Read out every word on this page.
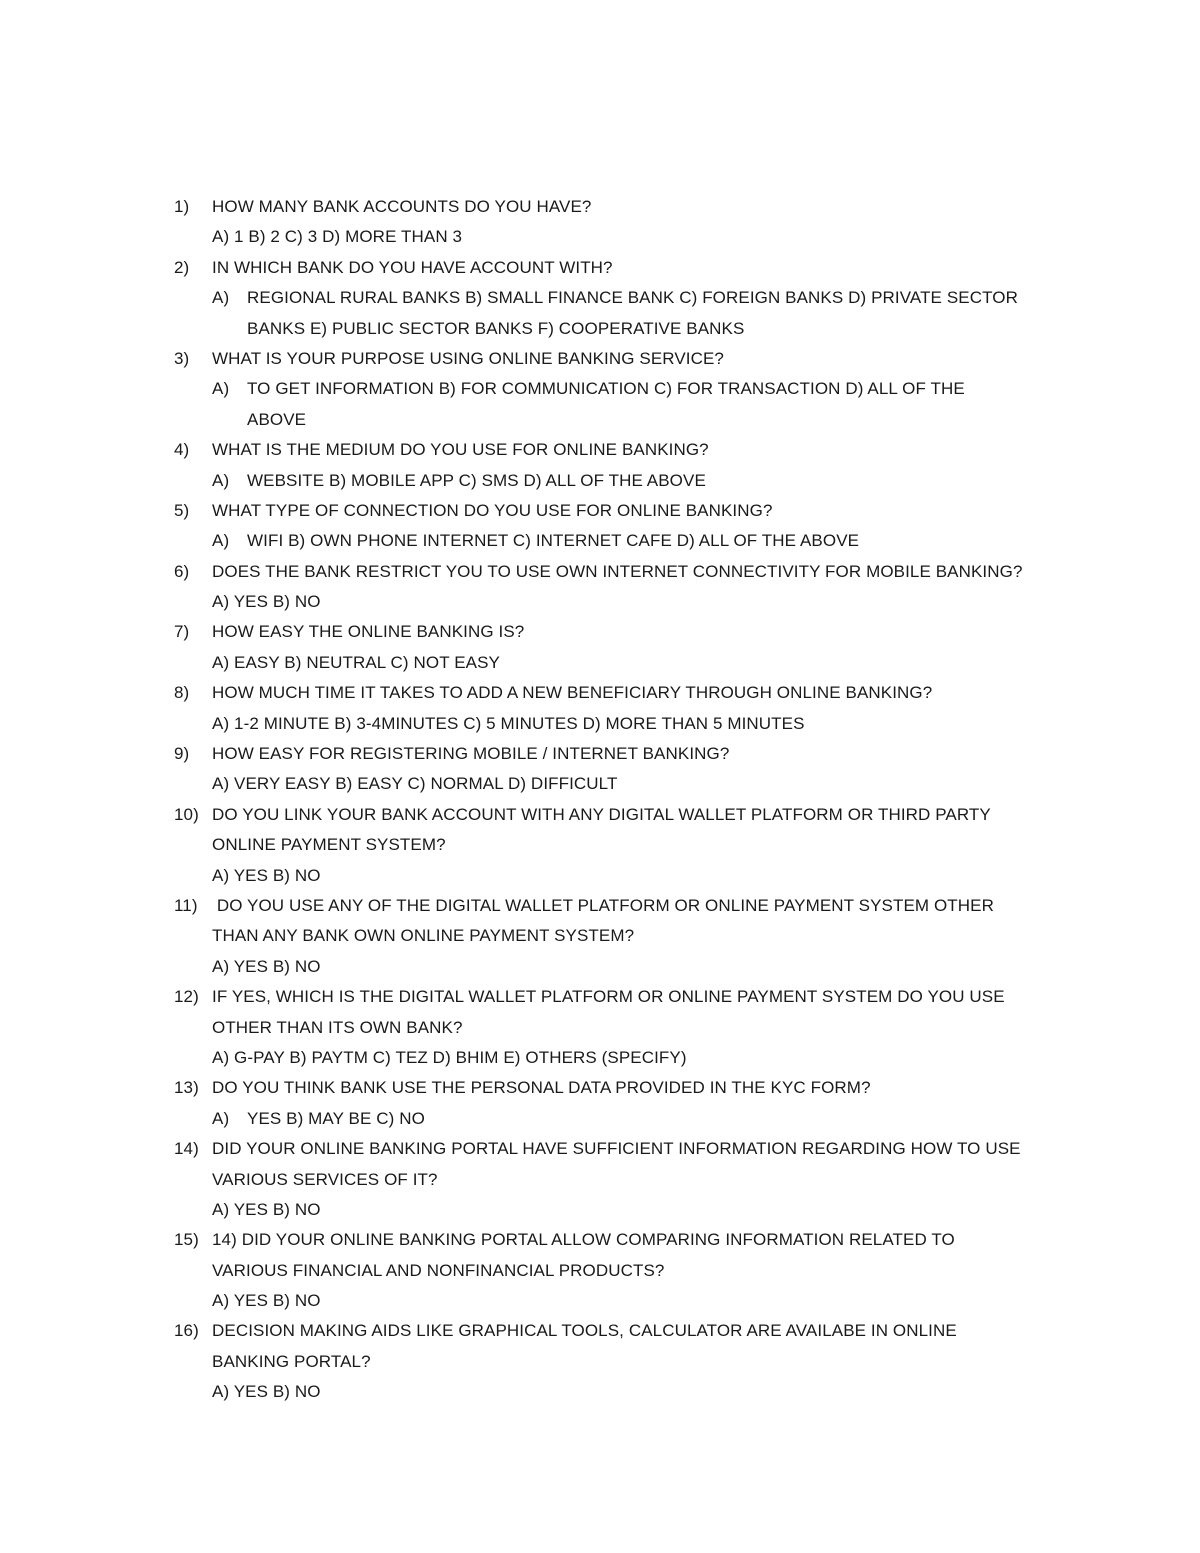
1) HOW MANY BANK ACCOUNTS DO YOU HAVE?
A) 1 B) 2 C) 3 D) MORE THAN 3
2) IN WHICH BANK DO YOU HAVE ACCOUNT WITH?
A) REGIONAL RURAL BANKS B) SMALL FINANCE BANK C) FOREIGN BANKS D) PRIVATE SECTOR
BANKS E) PUBLIC SECTOR BANKS F) COOPERATIVE BANKS
3) WHAT IS YOUR PURPOSE USING ONLINE BANKING SERVICE?
A) TO GET INFORMATION B) FOR COMMUNICATION C) FOR TRANSACTION D) ALL OF THE
ABOVE
4) WHAT IS THE MEDIUM DO YOU USE FOR ONLINE BANKING?
A) WEBSITE B) MOBILE APP C) SMS D) ALL OF THE ABOVE
5) WHAT TYPE OF CONNECTION DO YOU USE FOR ONLINE BANKING?
A) WIFI B) OWN PHONE INTERNET C) INTERNET CAFE D) ALL OF THE ABOVE
6) DOES THE BANK RESTRICT YOU TO USE OWN INTERNET CONNECTIVITY FOR MOBILE BANKING?
A) YES B) NO
7) HOW EASY THE ONLINE BANKING IS?
A) EASY B) NEUTRAL C) NOT EASY
8) HOW MUCH TIME IT TAKES TO ADD A NEW BENEFICIARY THROUGH ONLINE BANKING?
A) 1-2 MINUTE B) 3-4MINUTES C) 5 MINUTES D) MORE THAN 5 MINUTES
9) HOW EASY FOR REGISTERING MOBILE / INTERNET BANKING?
A) VERY EASY B) EASY C) NORMAL D) DIFFICULT
10) DO YOU LINK YOUR BANK ACCOUNT WITH ANY DIGITAL WALLET PLATFORM OR THIRD PARTY
ONLINE PAYMENT SYSTEM?
A) YES B) NO
11) DO YOU USE ANY OF THE DIGITAL WALLET PLATFORM OR ONLINE PAYMENT SYSTEM OTHER
THAN ANY BANK OWN ONLINE PAYMENT SYSTEM?
A) YES B) NO
12) IF YES, WHICH IS THE DIGITAL WALLET PLATFORM OR ONLINE PAYMENT SYSTEM DO YOU USE
OTHER THAN ITS OWN BANK?
A) G-PAY B) PAYTM C) TEZ D) BHIM E) OTHERS (SPECIFY)
13) DO YOU THINK BANK USE THE PERSONAL DATA PROVIDED IN THE KYC FORM?
A) YES B) MAY BE C) NO
14) DID YOUR ONLINE BANKING PORTAL HAVE SUFFICIENT INFORMATION REGARDING HOW TO USE
VARIOUS SERVICES OF IT?
A) YES B) NO
15) 14) DID YOUR ONLINE BANKING PORTAL ALLOW COMPARING INFORMATION RELATED TO
VARIOUS FINANCIAL AND NONFINANCIAL PRODUCTS?
A) YES B) NO
16) DECISION MAKING AIDS LIKE GRAPHICAL TOOLS, CALCULATOR ARE AVAILABE IN ONLINE
BANKING PORTAL?
A) YES B) NO
